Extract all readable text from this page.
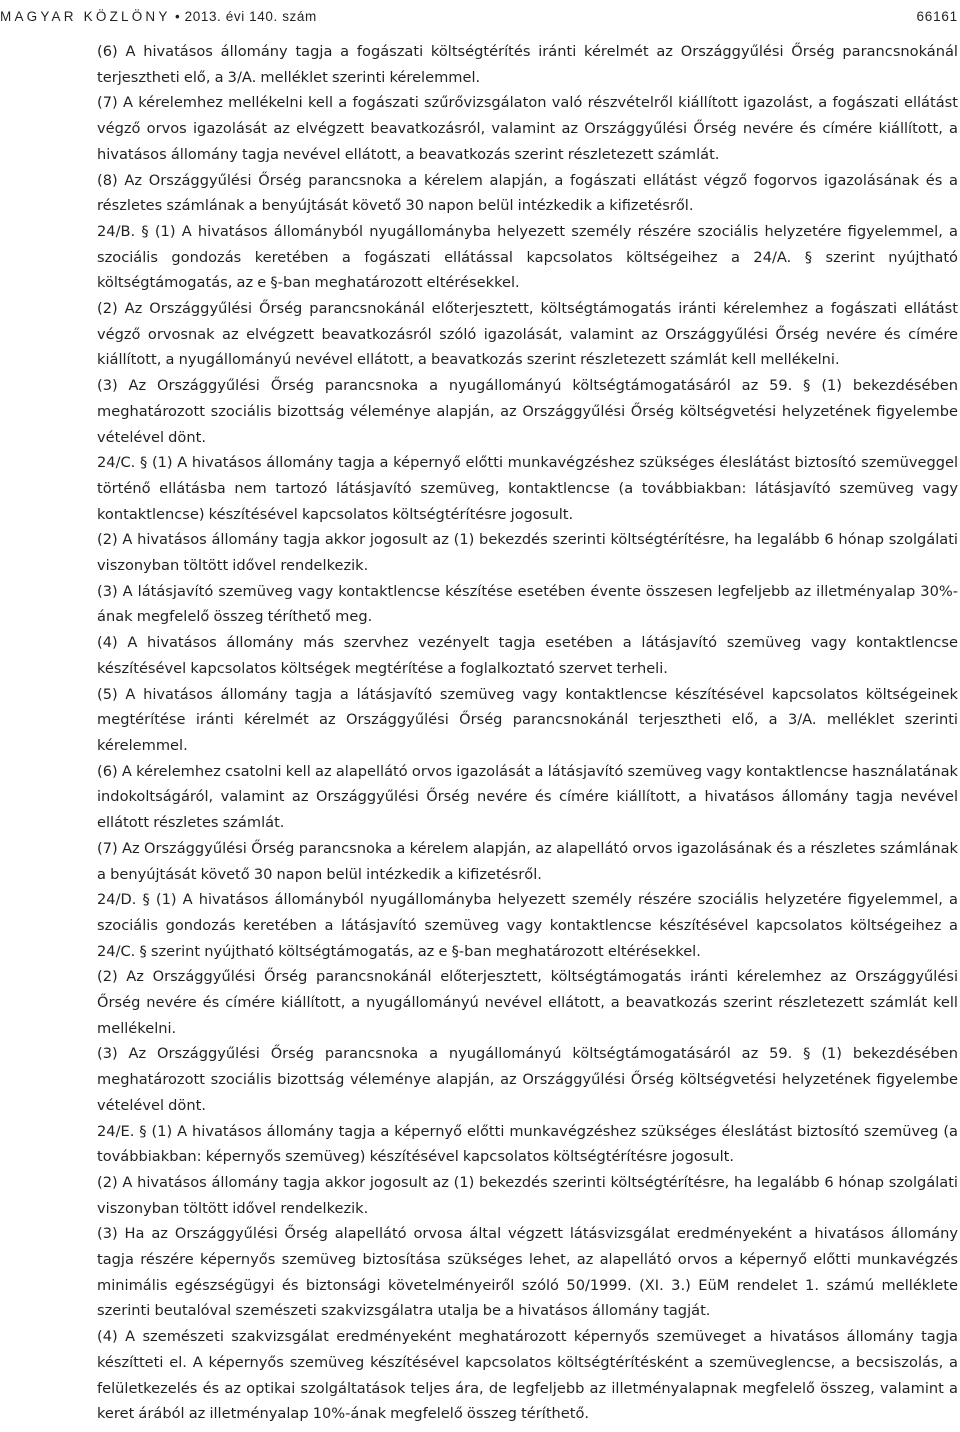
MAGYAR KÖZLÖNY • 2013. évi 140. szám	66161

(6) A hivatásos állomány tagja a fogászati költségtérítés iránti kérelmét az Országgyűlési Őrség parancsnokánál terjesztheti elő, a 3/A. melléklet szerinti kérelemmel.

(7) A kérelemhez mellékelni kell a fogászati szűrővizsgálaton való részvételről kiállított igazolást, a fogászati ellátást végző orvos igazolását az elvégzett beavatkozásról, valamint az Országgyűlési Őrség nevére és címére kiállított, a hivatásos állomány tagja nevével ellátott, a beavatkozás szerint részletezett számlát.

(8) Az Országgyűlési Őrség parancsnoka a kérelem alapján, a fogászati ellátást végző fogorvos igazolásának és a részletes számlának a benyújtását követő 30 napon belül intézkedik a kifizetésről.

24/B. § (1) A hivatásos állományból nyugállományba helyezett személy részére szociális helyzetére figyelemmel, a szociális gondozás keretében a fogászati ellátással kapcsolatos költségeihez a 24/A. § szerint nyújtható költségtámogatás, az e §-ban meghatározott eltérésekkel.

(2) Az Országgyűlési Őrség parancsnokánál előterjesztett, költségtámogatás iránti kérelemhez a fogászati ellátást végző orvosnak az elvégzett beavatkozásról szóló igazolását, valamint az Országgyűlési Őrség nevére és címére kiállított, a nyugállományú nevével ellátott, a beavatkozás szerint részletezett számlát kell mellékelni.

(3) Az Országgyűlési Őrség parancsnoka a nyugállományú költségtámogatásáról az 59. § (1) bekezdésében meghatározott szociális bizottság véleménye alapján, az Országgyűlési Őrség költségvetési helyzetének figyelembe vételével dönt.

24/C. § (1) A hivatásos állomány tagja a képernyő előtti munkavégzéshez szükséges éleslátást biztosító szemüveggel történő ellátásba nem tartozó látásjavító szemüveg, kontaktlencse (a továbbiakban: látásjavító szemüveg vagy kontaktlencse) készítésével kapcsolatos költségtérítésre jogosult.

(2) A hivatásos állomány tagja akkor jogosult az (1) bekezdés szerinti költségtérítésre, ha legalább 6 hónap szolgálati viszonyban töltött idővel rendelkezik.

(3) A látásjavító szemüveg vagy kontaktlencse készítése esetében évente összesen legfeljebb az illetményalap 30%-ának megfelelő összeg téríthető meg.

(4) A hivatásos állomány más szervhez vezényelt tagja esetében a látásjavító szemüveg vagy kontaktlencse készítésével kapcsolatos költségek megtérítése a foglalkoztató szervet terheli.

(5) A hivatásos állomány tagja a látásjavító szemüveg vagy kontaktlencse készítésével kapcsolatos költségeinek megtérítése iránti kérelmét az Országgyűlési Őrség parancsnokánál terjesztheti elő, a 3/A. melléklet szerinti kérelemmel.

(6) A kérelemhez csatolni kell az alapellátó orvos igazolását a látásjavító szemüveg vagy kontaktlencse használatának indokoltságáról, valamint az Országgyűlési Őrség nevére és címére kiállított, a hivatásos állomány tagja nevével ellátott részletes számlát.

(7) Az Országgyűlési Őrség parancsnoka a kérelem alapján, az alapellátó orvos igazolásának és a részletes számlának a benyújtását követő 30 napon belül intézkedik a kifizetésről.

24/D. § (1) A hivatásos állományból nyugállományba helyezett személy részére szociális helyzetére figyelemmel, a szociális gondozás keretében a látásjavító szemüveg vagy kontaktlencse készítésével kapcsolatos költségeihez a 24/C. § szerint nyújtható költségtámogatás, az e §-ban meghatározott eltérésekkel.

(2) Az Országgyűlési Őrség parancsnokánál előterjesztett, költségtámogatás iránti kérelemhez az Országgyűlési Őrség nevére és címére kiállított, a nyugállományú nevével ellátott, a beavatkozás szerint részletezett számlát kell mellékelni.

(3) Az Országgyűlési Őrség parancsnoka a nyugállományú költségtámogatásáról az 59. § (1) bekezdésében meghatározott szociális bizottság véleménye alapján, az Országgyűlési Őrség költségvetési helyzetének figyelembe vételével dönt.

24/E. § (1) A hivatásos állomány tagja a képernyő előtti munkavégzéshez szükséges éleslátást biztosító szemüveg (a továbbiakban: képernyős szemüveg) készítésével kapcsolatos költségtérítésre jogosult.

(2) A hivatásos állomány tagja akkor jogosult az (1) bekezdés szerinti költségtérítésre, ha legalább 6 hónap szolgálati viszonyban töltött idővel rendelkezik.

(3) Ha az Országgyűlési Őrség alapellátó orvosa által végzett látásvizsgálat eredményeként a hivatásos állomány tagja részére képernyős szemüveg biztosítása szükséges lehet, az alapellátó orvos a képernyő előtti munkavégzés minimális egészségügyi és biztonsági követelményeiről szóló 50/1999. (XI. 3.) EüM rendelet 1. számú melléklete szerinti beutalóval szemészeti szakvizsgálatra utalja be a hivatásos állomány tagját.

(4) A szemészeti szakvizsgálat eredményeként meghatározott képernyős szemüveget a hivatásos állomány tagja készítteti el. A képernyős szemüveg készítésével kapcsolatos költségtérítésként a szemüveglencse, a becsiszolás, a felületkezelés és az optikai szolgáltatások teljes ára, de legfeljebb az illetményalapnak megfelelő összeg, valamint a keret árából az illetményalap 10%-ának megfelelő összeg téríthető.
